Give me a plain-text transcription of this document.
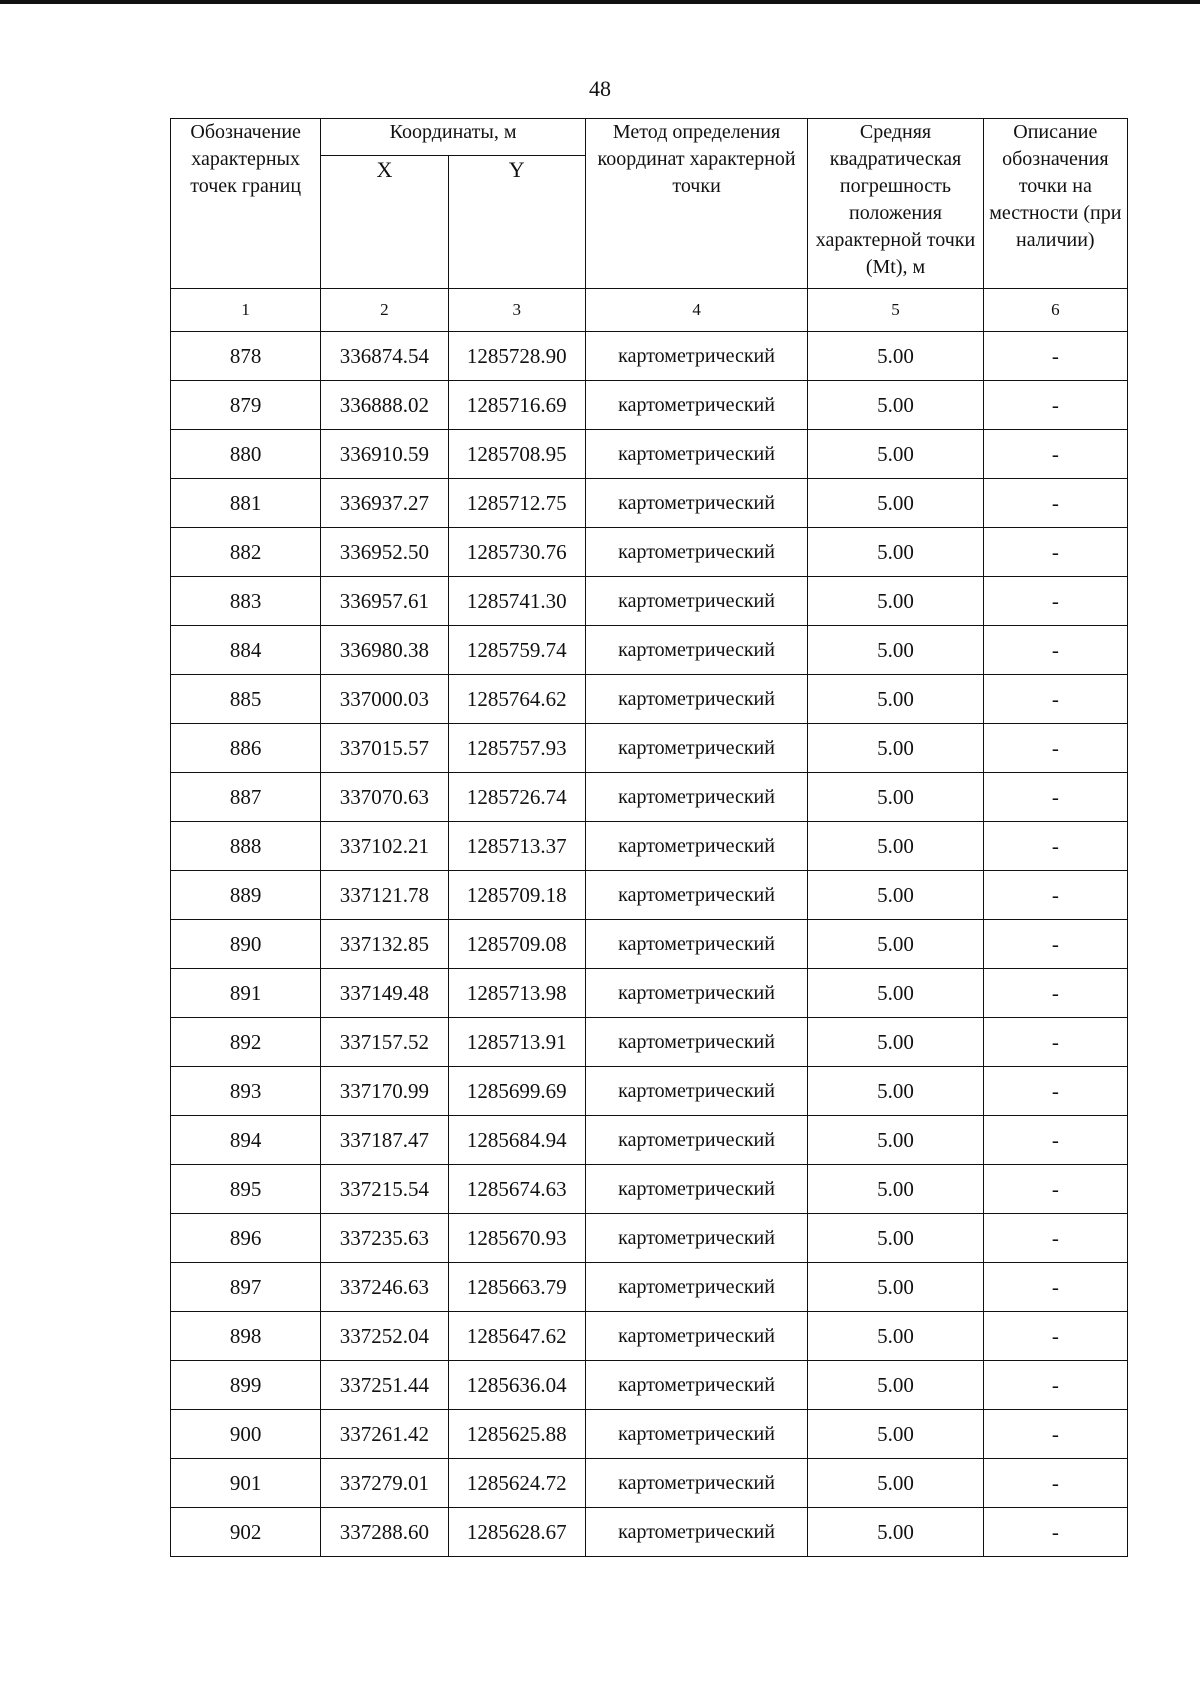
48
Обозначение характерных точек границ	Координаты, м		Метод определения координат характерной точки	Средняя квадратическая погрешность положения характерной точки (Mt), м	Описание обозначения точки на местности (при наличии)
	X	Y			
1	2	3	4	5	6
878	336874.54	1285728.90	картометрический	5.00	-
879	336888.02	1285716.69	картометрический	5.00	-
880	336910.59	1285708.95	картометрический	5.00	-
881	336937.27	1285712.75	картометрический	5.00	-
882	336952.50	1285730.76	картометрический	5.00	-
883	336957.61	1285741.30	картометрический	5.00	-
884	336980.38	1285759.74	картометрический	5.00	-
885	337000.03	1285764.62	картометрический	5.00	-
886	337015.57	1285757.93	картометрический	5.00	-
887	337070.63	1285726.74	картометрический	5.00	-
888	337102.21	1285713.37	картометрический	5.00	-
889	337121.78	1285709.18	картометрический	5.00	-
890	337132.85	1285709.08	картометрический	5.00	-
891	337149.48	1285713.98	картометрический	5.00	-
892	337157.52	1285713.91	картометрический	5.00	-
893	337170.99	1285699.69	картометрический	5.00	-
894	337187.47	1285684.94	картометрический	5.00	-
895	337215.54	1285674.63	картометрический	5.00	-
896	337235.63	1285670.93	картометрический	5.00	-
897	337246.63	1285663.79	картометрический	5.00	-
898	337252.04	1285647.62	картометрический	5.00	-
899	337251.44	1285636.04	картометрический	5.00	-
900	337261.42	1285625.88	картометрический	5.00	-
901	337279.01	1285624.72	картометрический	5.00	-
902	337288.60	1285628.67	картометрический	5.00	-
